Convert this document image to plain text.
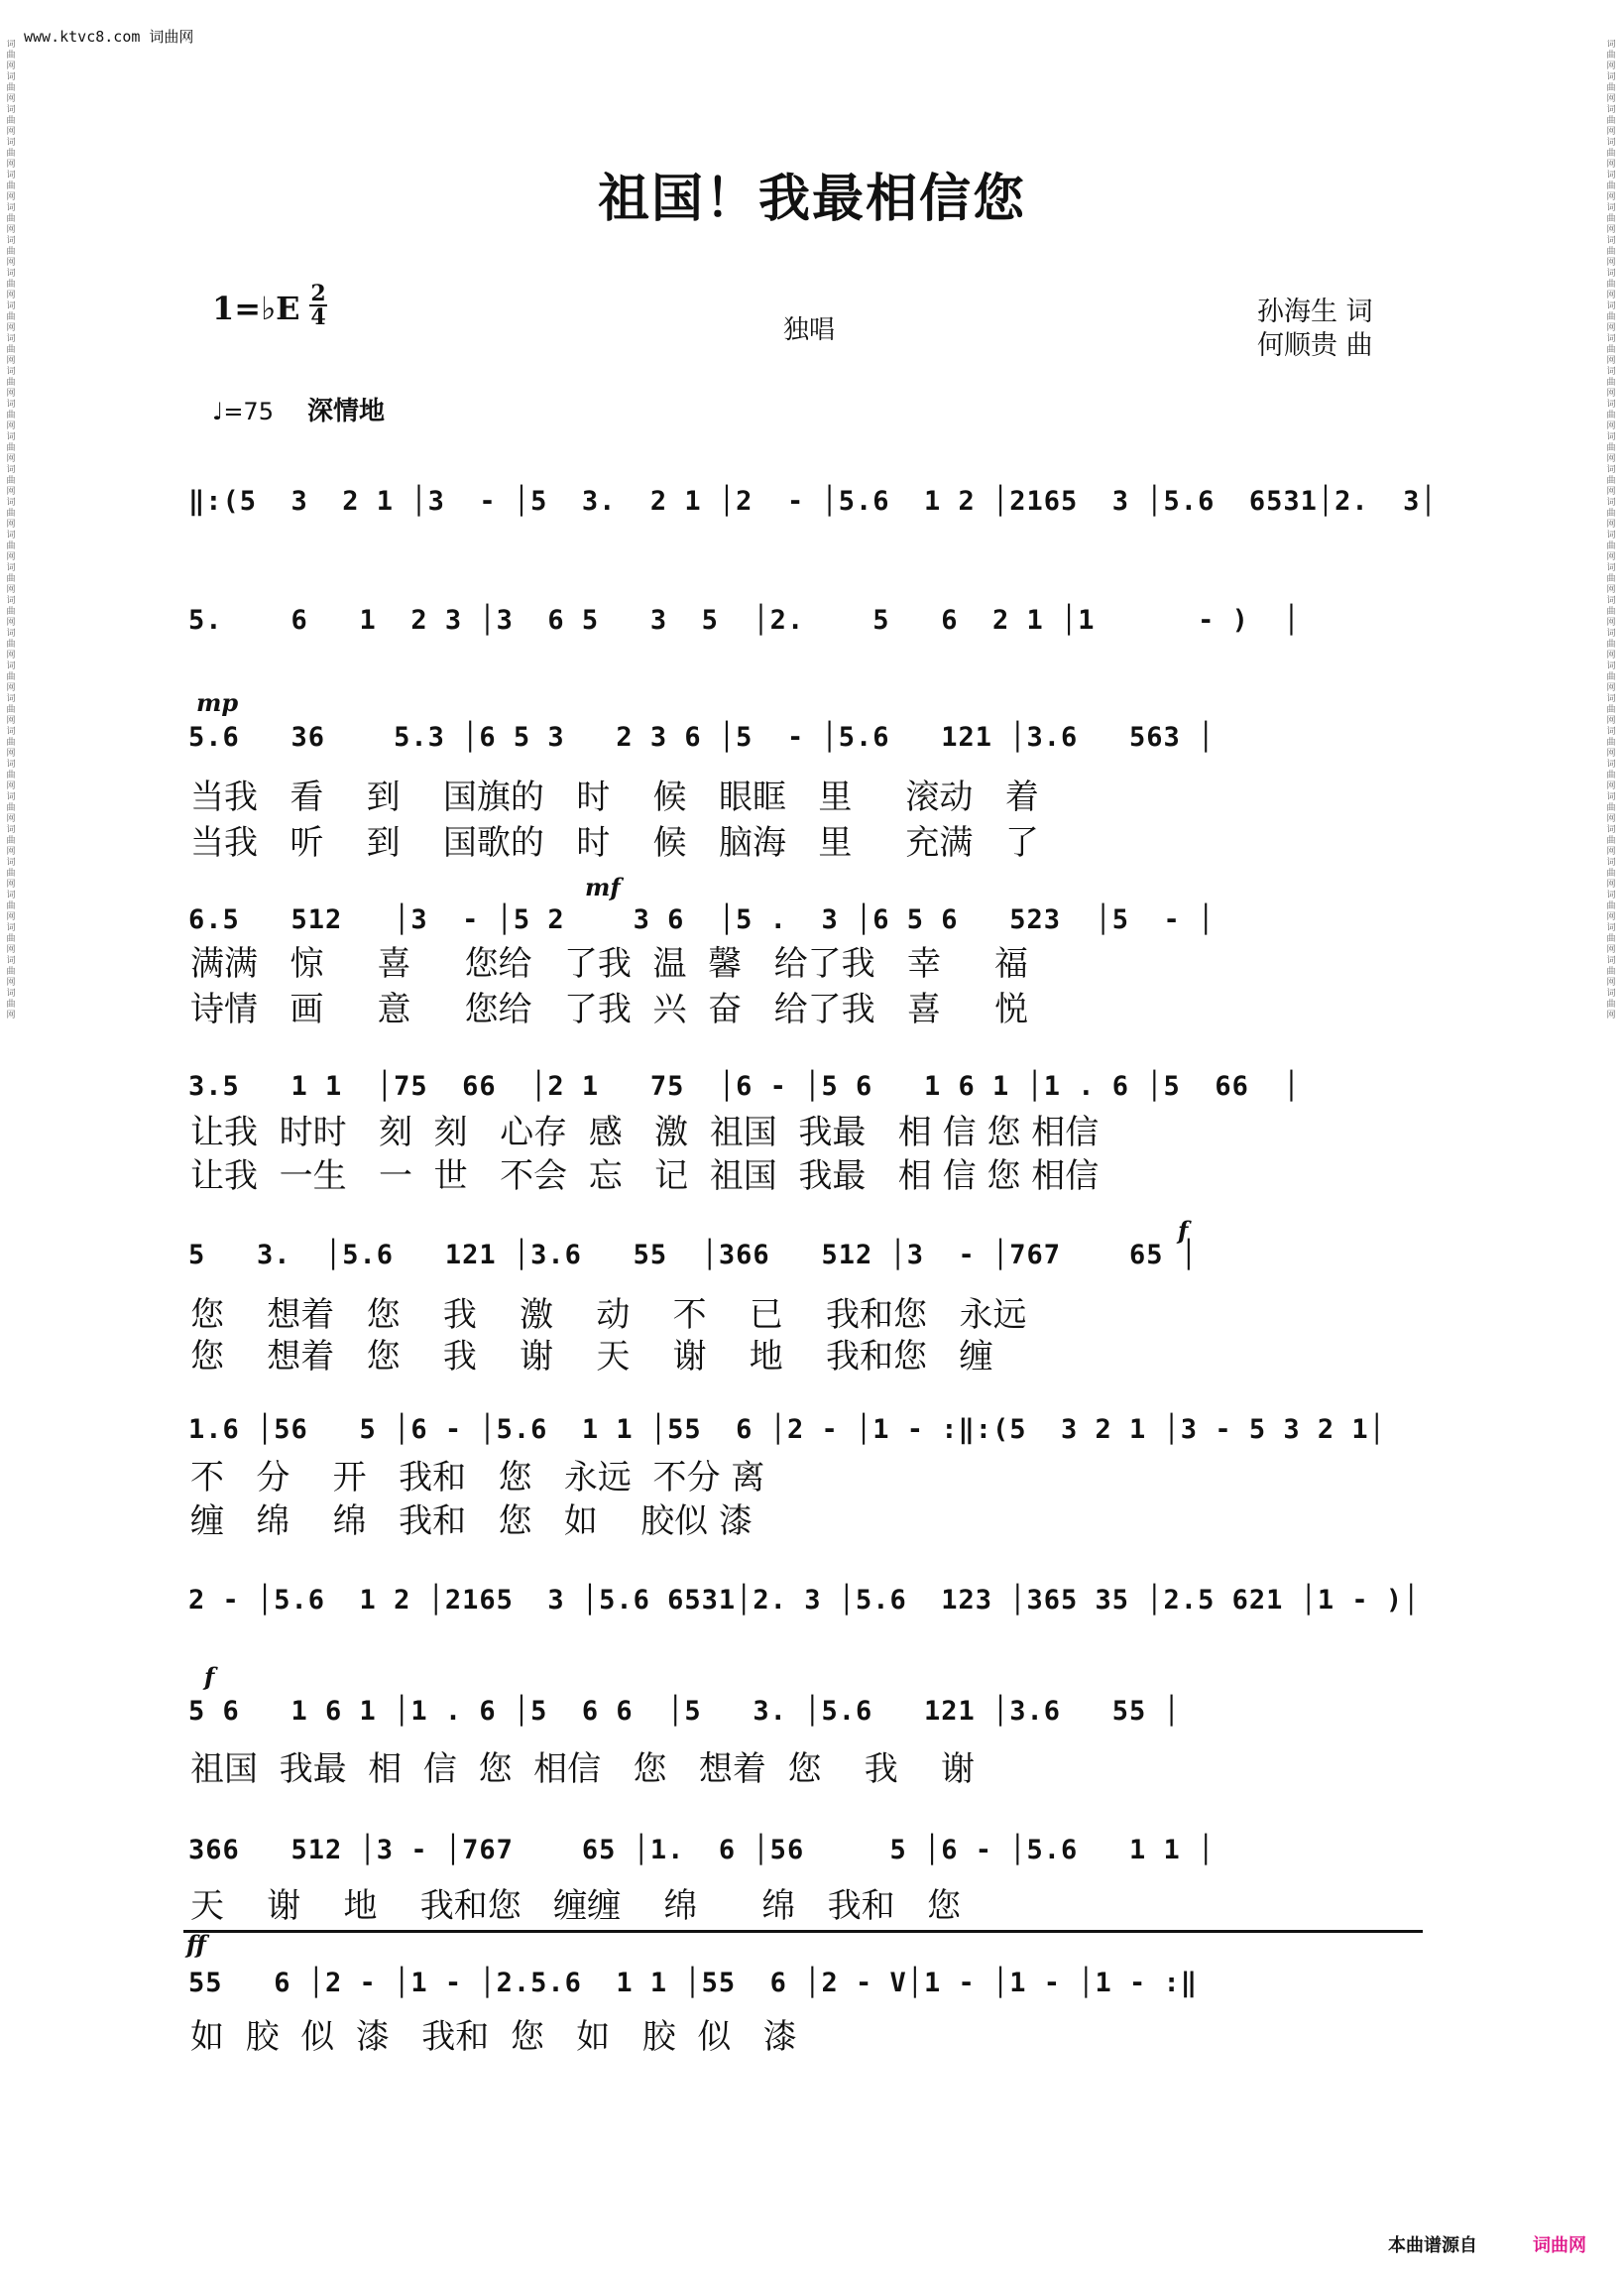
www.ktvc8.com 词曲网
词曲网词曲网词曲网词曲网词曲网词曲网词曲网词曲网词曲网词曲网词曲网词曲网词曲网词曲网词曲网词曲网词曲网词曲网词曲网词曲网词曲网词曲网词曲网词曲网词曲网词曲网词曲网词曲网词曲网词曲网
词曲网词曲网词曲网词曲网词曲网词曲网词曲网词曲网词曲网词曲网词曲网词曲网词曲网词曲网词曲网词曲网词曲网词曲网词曲网词曲网词曲网词曲网词曲网词曲网词曲网词曲网词曲网词曲网词曲网词曲网
祖国！我最相信您
1=♭E 2
4	独唱
孙海生 词
何顺贵 曲
♩=75 深情地
‖:(5  3  2 1 │3  - │5  3.  2 1 │2  - │5.6  1 2 │2165  3 │5.6  6531│2.  3│
5.    6   1  2 3 │3  6 5   3  5  │2.    5   6  2 1 │1      - )  │
mp
5.6   36    5.3 │6 5 3   2 3 6 │5  - │5.6   121 │3.6   563 │
当我   看    到    国旗的   时    候   眼眶   里     滚动   着
当我   听    到    国歌的   时    候   脑海   里     充满   了
mf
6.5   512   │3  - │5 2    3 6  │5 .  3 │6 5 6   523  │5  - │
满满   惊     喜     您给   了我  温  馨   给了我   幸     福
诗情   画     意     您给   了我  兴  奋   给了我   喜     悦
3.5   1 1  │75  66  │2 1   75  │6 - │5 6   1 6 1 │1 . 6 │5  66  │
让我  时时   刻  刻   心存  感   激  祖国  我最   相 信 您 相信
让我  一生   一  世   不会  忘   记  祖国  我最   相 信 您 相信
f
5   3.  │5.6   121 │3.6   55  │366   512 │3  - │767    65 │
您    想着   您    我    激    动    不    已    我和您   永远
您    想着   您    我    谢    天    谢    地    我和您   缠
1.6 │56   5 │6 - │5.6  1 1 │55  6 │2 - │1 - :‖:(5  3 2 1 │3 - 5 3 2 1│
不   分    开   我和   您   永远  不分 离
缠   绵    绵   我和   您   如    胶似 漆
2 - │5.6  1 2 │2165  3 │5.6 6531│2. 3 │5.6  123 │365 35 │2.5 621 │1 - )│
f
5 6   1 6 1 │1 . 6 │5  6 6  │5   3. │5.6   121 │3.6   55 │
祖国  我最  相  信  您  相信   您   想着  您    我    谢
366   512 │3 - │767    65 │1.  6 │56     5 │6 - │5.6   1 1 │
天    谢    地    我和您   缠缠    绵      绵   我和   您
ff
55   6 │2 - │1 - │2.5.6  1 1 │55  6 │2 - V│1 - │1 - │1 - :‖
如  胶  似  漆   我和  您   如   胶  似   漆
本曲谱源自	词曲网
